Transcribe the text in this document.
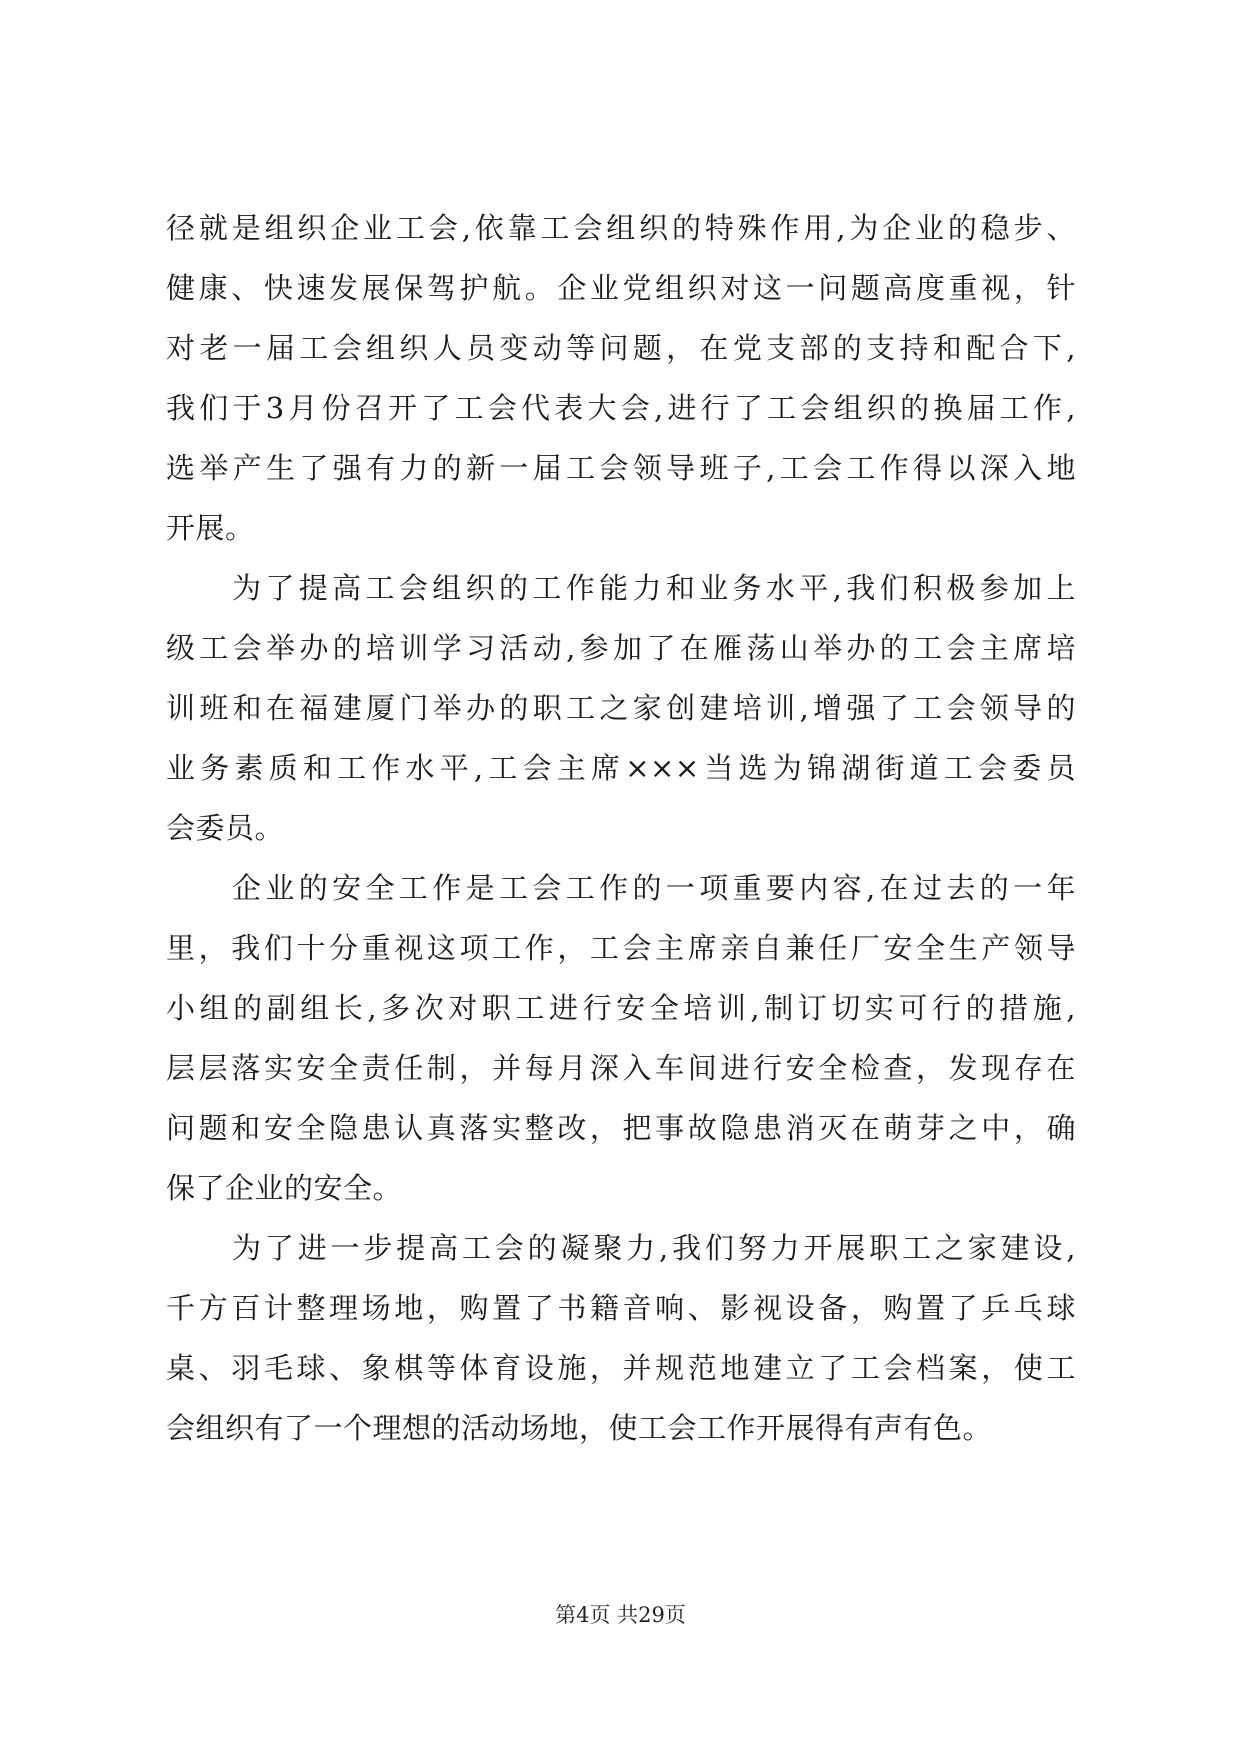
径就是组织企业工会,依靠工会组织的特殊作用,为企业的稳步、
健康、快速发展保驾护航。企业党组织对这一问题高度重视，针
对老一届工会组织人员变动等问题，在党支部的支持和配合下,
我们于3月份召开了工会代表大会,进行了工会组织的换届工作,
选举产生了强有力的新一届工会领导班子,工会工作得以深入地
开展。
为了提高工会组织的工作能力和业务水平,我们积极参加上
级工会举办的培训学习活动,参加了在雁荡山举办的工会主席培
训班和在福建厦门举办的职工之家创建培训,增强了工会领导的
业务素质和工作水平,工会主席×××当选为锦湖街道工会委员
会委员。
企业的安全工作是工会工作的一项重要内容,在过去的一年
里，我们十分重视这项工作，工会主席亲自兼任厂安全生产领导
小组的副组长,多次对职工进行安全培训,制订切实可行的措施,
层层落实安全责任制，并每月深入车间进行安全检查，发现存在
问题和安全隐患认真落实整改，把事故隐患消灭在萌芽之中，确
保了企业的安全。
为了进一步提高工会的凝聚力,我们努力开展职工之家建设,
千方百计整理场地，购置了书籍音响、影视设备，购置了乒乓球
桌、羽毛球、象棋等体育设施，并规范地建立了工会档案，使工
会组织有了一个理想的活动场地，使工会工作开展得有声有色。
第4页 共29页
